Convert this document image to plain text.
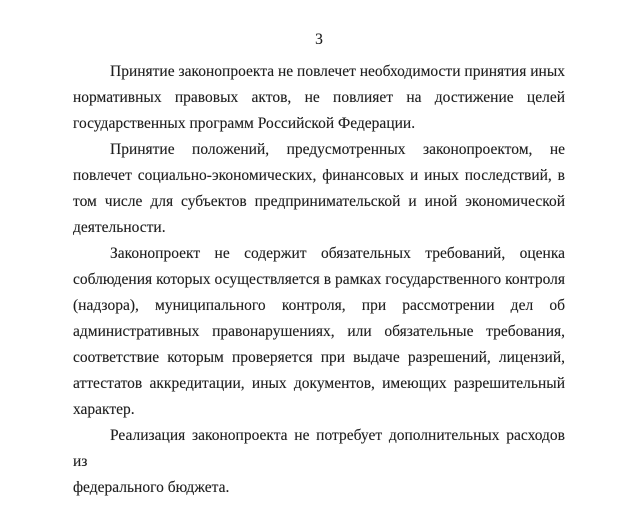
3
Принятие законопроекта не повлечет необходимости принятия иных
нормативных правовых актов, не повлияет на достижение целей
государственных программ Российской Федерации.
Принятие положений, предусмотренных законопроектом, не
повлечет социально-экономических, финансовых и иных последствий, в
том числе для субъектов предпринимательской и иной экономической
деятельности.
Законопроект не содержит обязательных требований, оценка
соблюдения которых осуществляется в рамках государственного контроля
(надзора), муниципального контроля, при рассмотрении дел об
административных правонарушениях, или обязательные требования,
соответствие которым проверяется при выдаче разрешений, лицензий,
аттестатов аккредитации, иных документов, имеющих разрешительный
характер.
Реализация законопроекта не потребует дополнительных расходов из
федерального бюджета.
